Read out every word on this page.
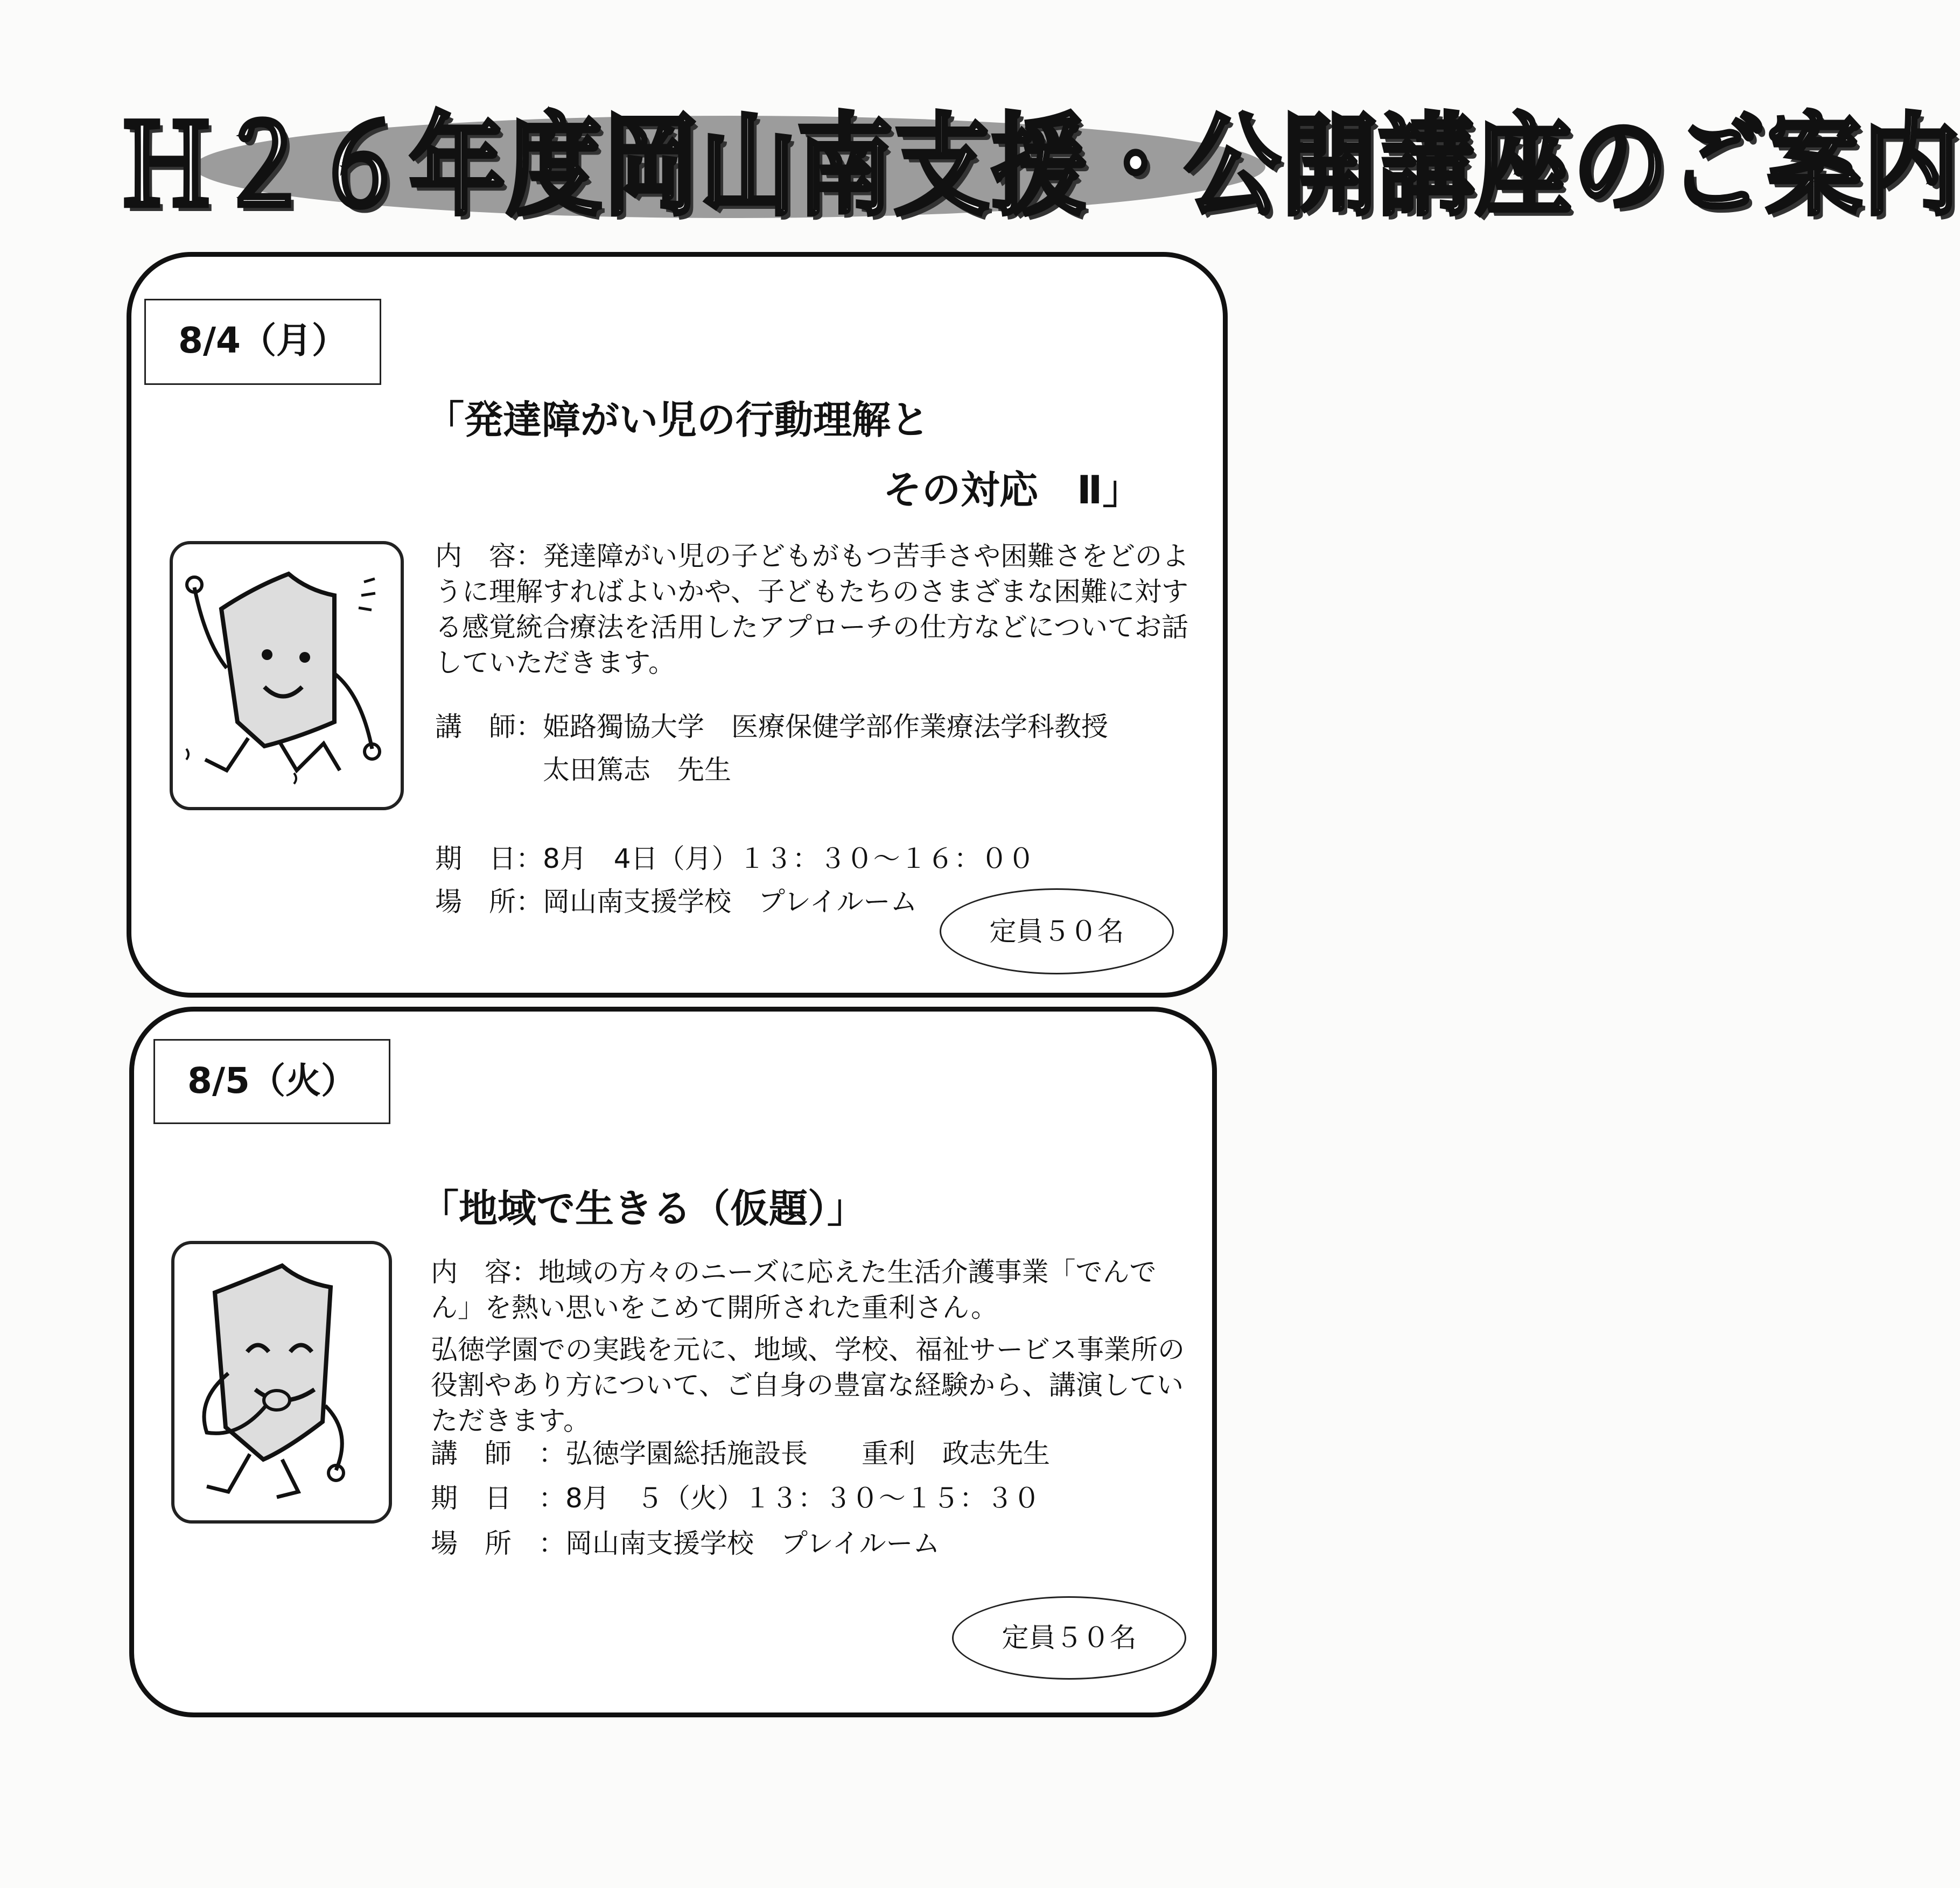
Ｈ２６年度岡山南支援・公開講座のご案内
8/4（月）
「発達障がい児の行動理解と
その対応　Ⅱ」
内　容：発達障がい児の子どもがもつ苦手さや困難さをどのよ
うに理解すればよいかや、子どもたちのさまざまな困難に対す
る感覚統合療法を活用したアプローチの仕方などについてお話
していただきます。
講　師：姫路獨協大学　医療保健学部作業療法学科教授
太田篤志　先生
期　日：8月　4日（月）１３：３０～１６：００
場　所：岡山南支援学校　プレイルーム
定員５０名
8/5（火）
「地域で生きる（仮題）」
内　容：地域の方々のニーズに応えた生活介護事業「でんで
ん」を熱い思いをこめて開所された重利さん。
弘徳学園での実践を元に、地域、学校、福祉サービス事業所の
役割やあり方について、ご自身の豊富な経験から、講演してい
ただきます。
講　師　：弘徳学園総括施設長　　重利　政志先生
期　日　：8月　５（火）１３：３０～１５：３０
場　所　：岡山南支援学校　プレイルーム
定員５０名
